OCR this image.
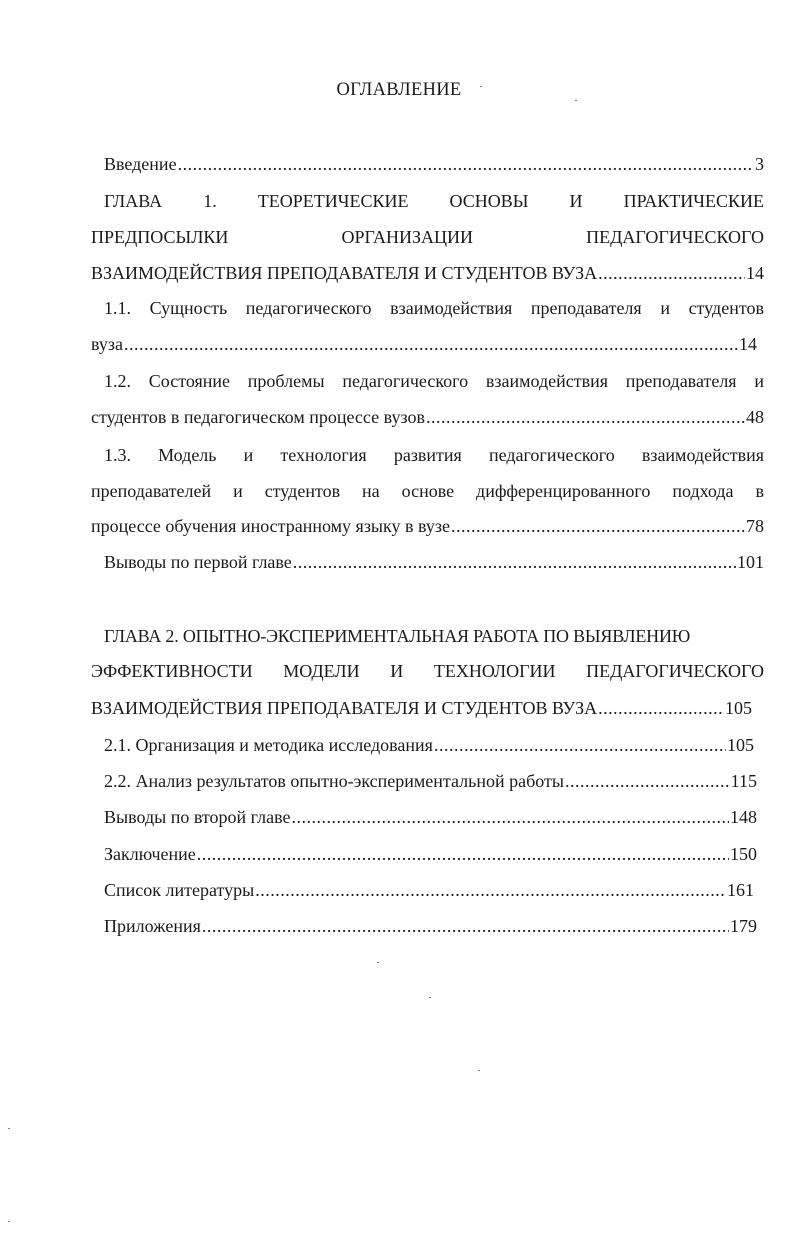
ОГЛАВЛЕНИЕ
Введение .....	3
ГЛАВА 1. ТЕОРЕТИЧЕСКИЕ ОСНОВЫ И ПРАКТИЧЕСКИЕ
ПРЕДПОСЫЛКИ	ОРГАНИЗАЦИИ	ПЕДАГОГИЧЕСКОГО
ВЗАИМОДЕЙСТВИЯ ПРЕПОДАВАТЕЛЯ И СТУДЕНТОВ ВУЗА .....	14
1.1. Сущность педагогического взаимодействия преподавателя и студентов
вуза .....	14
1.2. Состояние проблемы педагогического взаимодействия преподавателя и
студентов в педагогическом процессе вузов .....	48
1.3. Модель и технология развития педагогического взаимодействия
преподавателей и студентов на основе дифференцированного подхода в
процессе обучения иностранному языку в вузе .....	78
Выводы по первой главе .....	101
ГЛАВА 2. ОПЫТНО-ЭКСПЕРИМЕНТАЛЬНАЯ РАБОТА ПО ВЫЯВЛЕНИЮ
ЭФФЕКТИВНОСТИ МОДЕЛИ И ТЕХНОЛОГИИ ПЕДАГОГИЧЕСКОГО
ВЗАИМОДЕЙСТВИЯ ПРЕПОДАВАТЕЛЯ И СТУДЕНТОВ ВУЗА .....	105
2.1. Организация и методика исследования .....	105
2.2. Анализ результатов опытно-экспериментальной работы .....	115
Выводы по второй главе .....	148
Заключение .....	150
Список литературы .....	161
Приложения .....	179
